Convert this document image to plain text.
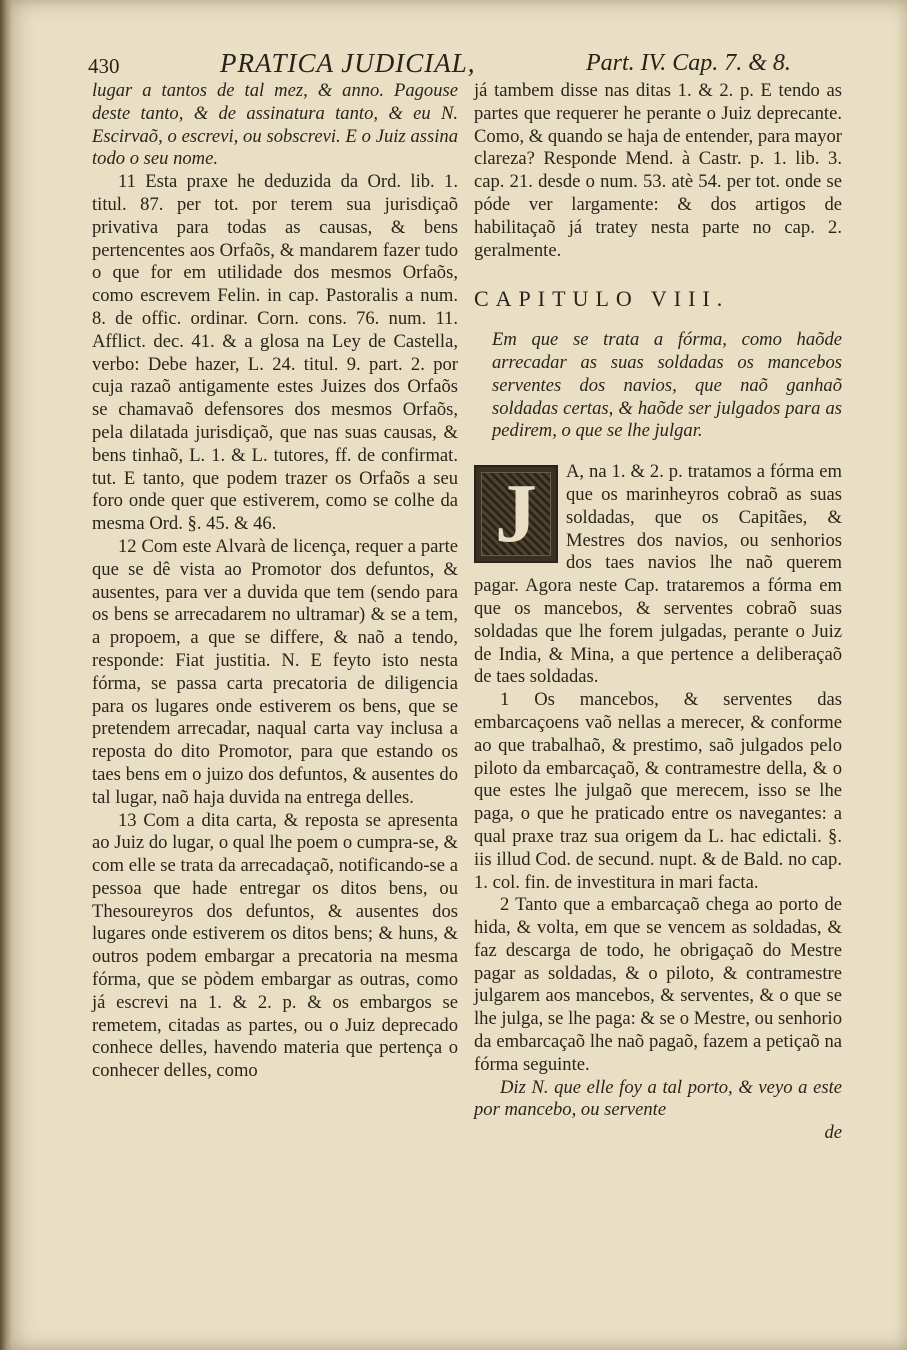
430	PRATICA JUDICIAL,	Part. IV. Cap. 7. & 8.

lugar a tantos de tal mez, & anno. Pagouse deste tanto, & de assinatura tanto, & eu N. Escirvaõ, o escrevi, ou sobscrevi. E o Juiz assina todo o seu nome.

11 Esta praxe he deduzida da Ord. lib. 1. titul. 87. per tot. por terem sua jurisdiçaõ privativa para todas as causas, & bens pertencentes aos Orfaõs, & mandarem fazer tudo o que for em utilidade dos mesmos Orfaõs, como escrevem Felin. in cap. Pastoralis a num. 8. de offic. ordinar. Corn. cons. 76. num. 11. Afflict. dec. 41. & a glosa na Ley de Castella, verbo: Debe hazer, L. 24. titul. 9. part. 2. por cuja razaõ antigamente estes Juizes dos Orfaõs se chamavaõ defensores dos mesmos Orfaõs, pela dilatada jurisdiçaõ, que nas suas causas, & bens tinhaõ, L. 1. & L. tutores, ff. de confirmat. tut. E tanto, que podem trazer os Orfaõs a seu foro onde quer que estiverem, como se colhe da mesma Ord. §. 45. & 46.

12 Com este Alvarà de licença, requer a parte que se dê vista ao Promotor dos defuntos, & ausentes, para ver a duvida que tem (sendo para os bens se arrecadarem no ultramar) & se a tem, a propoem, a que se differe, & naõ a tendo, responde: Fiat justitia. N. E feyto isto nesta fórma, se passa carta precatoria de diligencia para os lugares onde estiverem os bens, que se pretendem arrecadar, naqual carta vay inclusa a reposta do dito Promotor, para que estando os taes bens em o juizo dos defuntos, & ausentes do tal lugar, naõ haja duvida na entrega delles.

13 Com a dita carta, & reposta se apresenta ao Juiz do lugar, o qual lhe poem o cumpra-se, & com elle se trata da arrecadaçaõ, notificando-se a pessoa que hade entregar os ditos bens, ou Thesoureyros dos defuntos, & ausentes dos lugares onde estiverem os ditos bens; & huns, & outros podem embargar a precatoria na mesma fórma, que se pòdem embargar as outras, como já escrevi na 1. & 2. p. & os embargos se remetem, citadas as partes, ou o Juiz deprecado conhece delles, havendo materia que pertença o conhecer delles, como

já tambem disse nas ditas 1. & 2. p. E tendo as partes que requerer he perante o Juiz deprecante. Como, & quando se haja de entender, para mayor clareza? Responde Mend. à Castr. p. 1. lib. 3. cap. 21. desde o num. 53. atè 54. per tot. onde se póde ver largamente: & dos artigos de habilitaçaõ já tratey nesta parte no cap. 2. geralmente.

CAPITULO VIII.

Em que se trata a fórma, como haõde arrecadar as suas soldadas os mancebos serventes dos navios, que naõ ganhaõ soldadas certas, & haõde ser julgados para as pedirem, o que se lhe julgar.

J	A, na 1. & 2. p. tratamos a fórma em que os marinheyros cobraõ as suas soldadas, que os Capitães, & Mestres dos navios, ou senhorios dos taes navios lhe naõ querem pagar. Agora neste Cap. trataremos a fórma em que os mancebos, & serventes cobraõ suas soldadas que lhe forem julgadas, perante o Juiz de India, & Mina, a que pertence a deliberaçaõ de taes soldadas.

1 Os mancebos, & serventes das embarcaçoens vaõ nellas a merecer, & conforme ao que trabalhaõ, & prestimo, saõ julgados pelo piloto da embarcaçaõ, & contramestre della, & o que estes lhe julgaõ que merecem, isso se lhe paga, o que he praticado entre os navegantes: a qual praxe traz sua origem da L. hac edictali. §. iis illud Cod. de secund. nupt. & de Bald. no cap. 1. col. fin. de investitura in mari facta.

2 Tanto que a embarcaçaõ chega ao porto de hida, & volta, em que se vencem as soldadas, & faz descarga de todo, he obrigaçaõ do Mestre pagar as soldadas, & o piloto, & contramestre julgarem aos mancebos, & serventes, & o que se lhe julga, se lhe paga: & se o Mestre, ou senhorio da embarcaçaõ lhe naõ pagaõ, fazem a petiçaõ na fórma seguinte.

Diz N. que elle foy a tal porto, & veyo a este por mancebo, ou servente

de
